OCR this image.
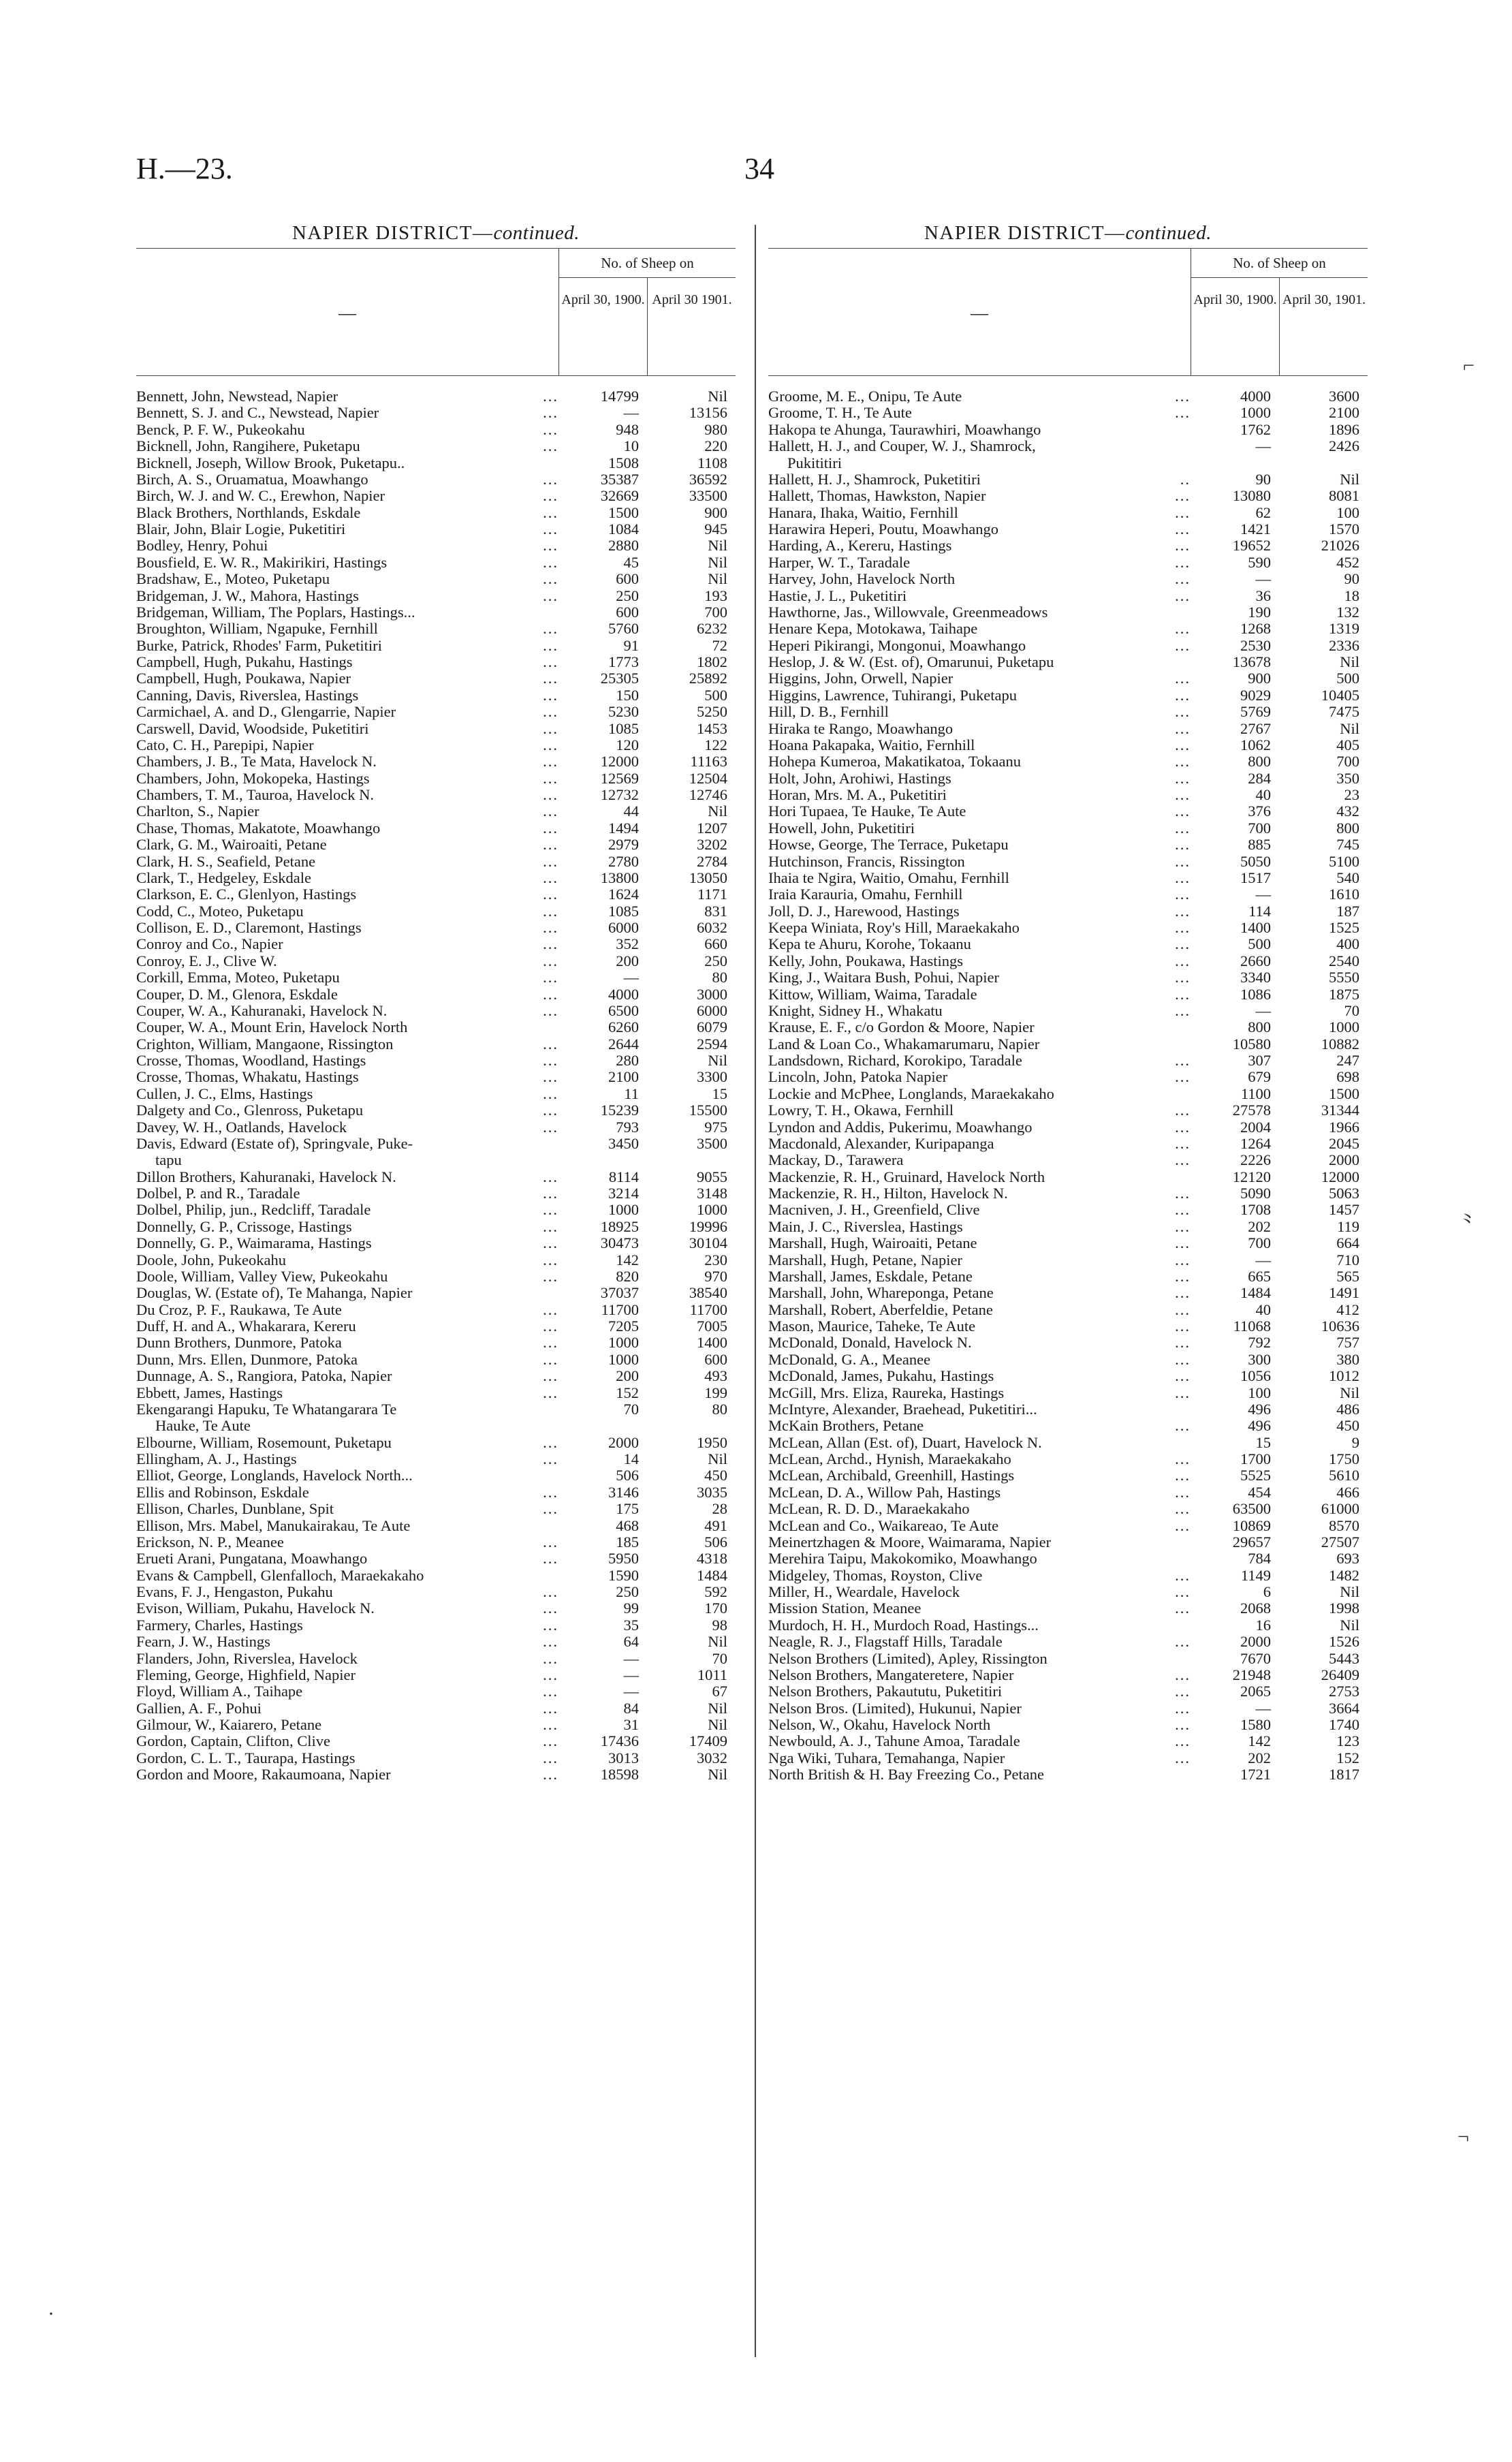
H.—23.	34
NAPIER DISTRICT—continued.
—
No. of Sheep on
April 30, 1900. April 30 1901.
Bennett, John, Newstead, Napier	...	14799	Nil
Bennett, S. J. and C., Newstead, Napier	...	—	13156
Benck, P. F. W., Pukeokahu	...	948	980
Bicknell, John, Rangihere, Puketapu	...	10	220
Bicknell, Joseph, Willow Brook, Puketapu..	1508	1108
Birch, A. S., Oruamatua, Moawhango	...	35387	36592
Birch, W. J. and W. C., Erewhon, Napier	...	32669	33500
Black Brothers, Northlands, Eskdale	...	1500	900
Blair, John, Blair Logie, Puketitiri	...	1084	945
Bodley, Henry, Pohui	...	2880	Nil
Bousfield, E. W. R., Makirikiri, Hastings	...	45	Nil
Bradshaw, E., Moteo, Puketapu	...	600	Nil
Bridgeman, J. W., Mahora, Hastings	...	250	193
Bridgeman, William, The Poplars, Hastings...	600	700
Broughton, William, Ngapuke, Fernhill	...	5760	6232
Burke, Patrick, Rhodes' Farm, Puketitiri	...	91	72
Campbell, Hugh, Pukahu, Hastings	...	1773	1802
Campbell, Hugh, Poukawa, Napier	...	25305	25892
Canning, Davis, Riverslea, Hastings	...	150	500
Carmichael, A. and D., Glengarrie, Napier	...	5230	5250
Carswell, David, Woodside, Puketitiri	...	1085	1453
Cato, C. H., Parepipi, Napier	...	120	122
Chambers, J. B., Te Mata, Havelock N.	...	12000	11163
Chambers, John, Mokopeka, Hastings	...	12569	12504
Chambers, T. M., Tauroa, Havelock N.	...	12732	12746
Charlton, S., Napier	...	44	Nil
Chase, Thomas, Makatote, Moawhango	...	1494	1207
Clark, G. M., Wairoaiti, Petane	...	2979	3202
Clark, H. S., Seafield, Petane	...	2780	2784
Clark, T., Hedgeley, Eskdale	...	13800	13050
Clarkson, E. C., Glenlyon, Hastings	...	1624	1171
Codd, C., Moteo, Puketapu	...	1085	831
Collison, E. D., Claremont, Hastings	...	6000	6032
Conroy and Co., Napier	...	352	660
Conroy, E. J., Clive W.	...	200	250
Corkill, Emma, Moteo, Puketapu	...	—	80
Couper, D. M., Glenora, Eskdale	...	4000	3000
Couper, W. A., Kahuranaki, Havelock N.	...	6500	6000
Couper, W. A., Mount Erin, Havelock North	6260	6079
Crighton, William, Mangaone, Rissington	...	2644	2594
Crosse, Thomas, Woodland, Hastings	...	280	Nil
Crosse, Thomas, Whakatu, Hastings	...	2100	3300
Cullen, J. C., Elms, Hastings	...	11	15
Dalgety and Co., Glenross, Puketapu	...	15239	15500
Davey, W. H., Oatlands, Havelock	...	793	975
Davis, Edward (Estate of), Springvale, Puke-
tapu
3450	3500
Dillon Brothers, Kahuranaki, Havelock N.	...	8114	9055
Dolbel, P. and R., Taradale	...	3214	3148
Dolbel, Philip, jun., Redcliff, Taradale	...	1000	1000
Donnelly, G. P., Crissoge, Hastings	...	18925	19996
Donnelly, G. P., Waimarama, Hastings	...	30473	30104
Doole, John, Pukeokahu	...	142	230
Doole, William, Valley View, Pukeokahu	...	820	970
Douglas, W. (Estate of), Te Mahanga, Napier	37037	38540
Du Croz, P. F., Raukawa, Te Aute	...	11700	11700
Duff, H. and A., Whakarara, Kereru	...	7205	7005
Dunn Brothers, Dunmore, Patoka	...	1000	1400
Dunn, Mrs. Ellen, Dunmore, Patoka	...	1000	600
Dunnage, A. S., Rangiora, Patoka, Napier	...	200	493
Ebbett, James, Hastings	...	152	199
Ekengarangi Hapuku, Te Whatangarara Te
Hauke, Te Aute
70	80
Elbourne, William, Rosemount, Puketapu	...	2000	1950
Ellingham, A. J., Hastings	...	14	Nil
Elliot, George, Longlands, Havelock North...	506	450
Ellis and Robinson, Eskdale	...	3146	3035
Ellison, Charles, Dunblane, Spit	...	175	28
Ellison, Mrs. Mabel, Manukairakau, Te Aute	468	491
Erickson, N. P., Meanee	...	185	506
Erueti Arani, Pungatana, Moawhango	...	5950	4318
Evans & Campbell, Glenfalloch, Maraekakaho	1590	1484
Evans, F. J., Hengaston, Pukahu	...	250	592
Evison, William, Pukahu, Havelock N.	...	99	170
Farmery, Charles, Hastings	...	35	98
Fearn, J. W., Hastings	...	64	Nil
Flanders, John, Riverslea, Havelock	...	—	70
Fleming, George, Highfield, Napier	...	—	1011
Floyd, William A., Taihape	...	—	67
Gallien, A. F., Pohui	...	84	Nil
Gilmour, W., Kaiarero, Petane	...	31	Nil
Gordon, Captain, Clifton, Clive	...	17436	17409
Gordon, C. L. T., Taurapa, Hastings	...	3013	3032
Gordon and Moore, Rakaumoana, Napier	...	18598	Nil
NAPIER DISTRICT—continued.
—
No. of Sheep on
April 30, 1900. April 30, 1901.
Groome, M. E., Onipu, Te Aute	...	4000	3600
Groome, T. H., Te Aute	...	1000	2100
Hakopa te Ahunga, Taurawhiri, Moawhango	1762	1896
Hallett, H. J., and Couper, W. J., Shamrock,
Pukititiri
—	2426
Hallett, H. J., Shamrock, Puketitiri	..	90	Nil
Hallett, Thomas, Hawkston, Napier	...	13080	8081
Hanara, Ihaka, Waitio, Fernhill	...	62	100
Harawira Heperi, Poutu, Moawhango	...	1421	1570
Harding, A., Kereru, Hastings	...	19652	21026
Harper, W. T., Taradale	...	590	452
Harvey, John, Havelock North	...	—	90
Hastie, J. L., Puketitiri	...	36	18
Hawthorne, Jas., Willowvale, Greenmeadows	190	132
Henare Kepa, Motokawa, Taihape	...	1268	1319
Heperi Pikirangi, Mongonui, Moawhango	...	2530	2336
Heslop, J. & W. (Est. of), Omarunui, Puketapu	13678	Nil
Higgins, John, Orwell, Napier	...	900	500
Higgins, Lawrence, Tuhirangi, Puketapu	...	9029	10405
Hill, D. B., Fernhill	...	5769	7475
Hiraka te Rango, Moawhango	...	2767	Nil
Hoana Pakapaka, Waitio, Fernhill	...	1062	405
Hohepa Kumeroa, Makatikatoa, Tokaanu	...	800	700
Holt, John, Arohiwi, Hastings	...	284	350
Horan, Mrs. M. A., Puketitiri	...	40	23
Hori Tupaea, Te Hauke, Te Aute	...	376	432
Howell, John, Puketitiri	...	700	800
Howse, George, The Terrace, Puketapu	...	885	745
Hutchinson, Francis, Rissington	...	5050	5100
Ihaia te Ngira, Waitio, Omahu, Fernhill	...	1517	540
Iraia Karauria, Omahu, Fernhill	...	—	1610
Joll, D. J., Harewood, Hastings	...	114	187
Keepa Winiata, Roy's Hill, Maraekakaho	...	1400	1525
Kepa te Ahuru, Korohe, Tokaanu	...	500	400
Kelly, John, Poukawa, Hastings	...	2660	2540
King, J., Waitara Bush, Pohui, Napier	...	3340	5550
Kittow, William, Waima, Taradale	...	1086	1875
Knight, Sidney H., Whakatu	...	—	70
Krause, E. F., c/o Gordon & Moore, Napier	800	1000
Land & Loan Co., Whakamarumaru, Napier	10580	10882
Landsdown, Richard, Korokipo, Taradale	...	307	247
Lincoln, John, Patoka Napier	...	679	698
Lockie and McPhee, Longlands, Maraekakaho	1100	1500
Lowry, T. H., Okawa, Fernhill	...	27578	31344
Lyndon and Addis, Pukerimu, Moawhango	...	2004	1966
Macdonald, Alexander, Kuripapanga	...	1264	2045
Mackay, D., Tarawera	...	2226	2000
Mackenzie, R. H., Gruinard, Havelock North	12120	12000
Mackenzie, R. H., Hilton, Havelock N.	...	5090	5063
Macniven, J. H., Greenfield, Clive	...	1708	1457
Main, J. C., Riverslea, Hastings	...	202	119
Marshall, Hugh, Wairoaiti, Petane	...	700	664
Marshall, Hugh, Petane, Napier	...	—	710
Marshall, James, Eskdale, Petane	...	665	565
Marshall, John, Whareponga, Petane	...	1484	1491
Marshall, Robert, Aberfeldie, Petane	...	40	412
Mason, Maurice, Taheke, Te Aute	...	11068	10636
McDonald, Donald, Havelock N.	...	792	757
McDonald, G. A., Meanee	...	300	380
McDonald, James, Pukahu, Hastings	...	1056	1012
McGill, Mrs. Eliza, Raureka, Hastings	...	100	Nil
McIntyre, Alexander, Braehead, Puketitiri...	496	486
McKain Brothers, Petane	...	496	450
McLean, Allan (Est. of), Duart, Havelock N.	15	9
McLean, Archd., Hynish, Maraekakaho	...	1700	1750
McLean, Archibald, Greenhill, Hastings	...	5525	5610
McLean, D. A., Willow Pah, Hastings	...	454	466
McLean, R. D. D., Maraekakaho	...	63500	61000
McLean and Co., Waikareao, Te Aute	...	10869	8570
Meinertzhagen & Moore, Waimarama, Napier	29657	27507
Merehira Taipu, Makokomiko, Moawhango	784	693
Midgeley, Thomas, Royston, Clive	...	1149	1482
Miller, H., Weardale, Havelock	...	6	Nil
Mission Station, Meanee	...	2068	1998
Murdoch, H. H., Murdoch Road, Hastings...	16	Nil
Neagle, R. J., Flagstaff Hills, Taradale	...	2000	1526
Nelson Brothers (Limited), Apley, Rissington	7670	5443
Nelson Brothers, Mangateretere, Napier	...	21948	26409
Nelson Brothers, Pakaututu, Puketitiri	...	2065	2753
Nelson Bros. (Limited), Hukunui, Napier	...	—	3664
Nelson, W., Okahu, Havelock North	...	1580	1740
Newbould, A. J., Tahune Amoa, Taradale	...	142	123
Nga Wiki, Tuhara, Temahanga, Napier	...	202	152
North British & H. Bay Freezing Co., Petane	1721	1817
⌐
⺀
¬
·
